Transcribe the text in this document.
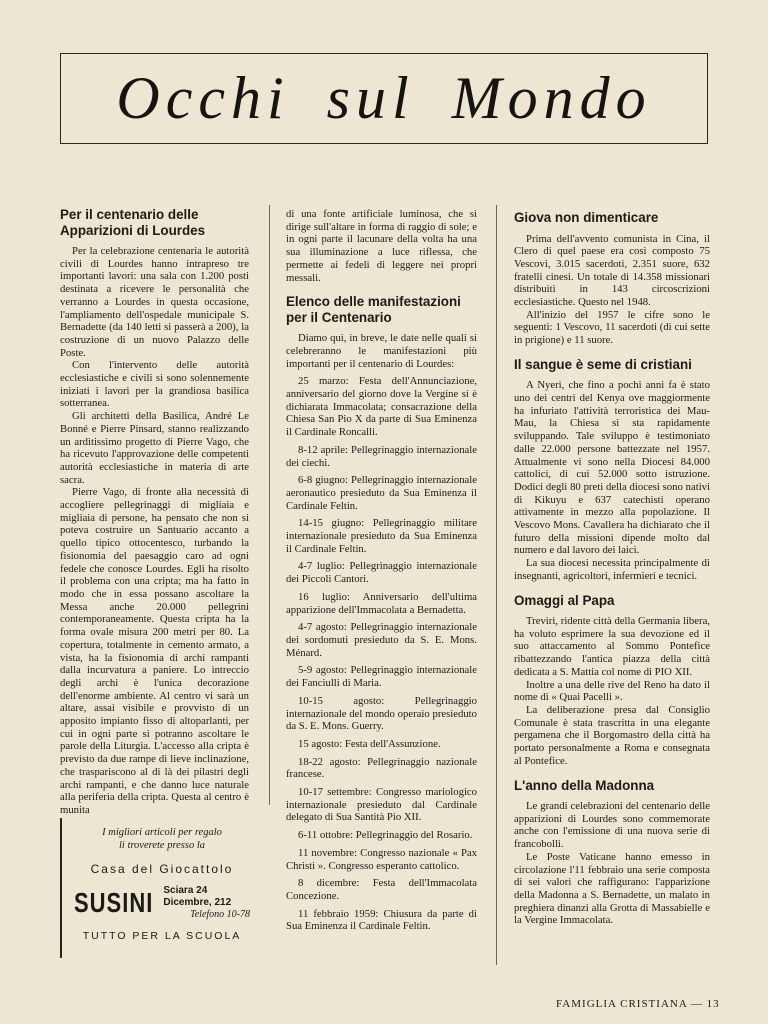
Occhi sul Mondo
Per il centenario delle Apparizioni di Lourdes

Per la celebrazione centenaria le autorità civili di Lourdes hanno intrapreso tre importanti lavori: una sala con 1.200 posti destinata a ricevere le personalità che verranno a Lourdes in questa occasione, l'ampliamento dell'ospedale municipale S. Bernadette (da 140 letti si passerà a 200), la costruzione di un nuovo Palazzo delle Poste.

Con l'intervento delle autorità ecclesiastiche e civili si sono solennemente iniziati i lavori per la grandiosa basilica sotterranea.

Gli architetti della Basilica, André Le Bonné e Pierre Pinsard, stanno realizzando un arditissimo progetto di Pierre Vago, che ha ricevuto l'approvazione delle competenti autorità ecclesiastiche in materia di arte sacra.

Pierre Vago, di fronte alla necessità di accogliere pellegrinaggi di migliaia e migliaia di persone, ha pensato che non si poteva costruire un Santuario accanto a quello tipico ottocentesco, turbando la fisionomia del paesaggio caro ad ogni fedele che conosce Lourdes. Egli ha risolto il problema con una cripta; ma ha fatto in modo che in essa possano ascoltare la Messa anche 20.000 pellegrini contemporaneamente. Questa cripta ha la forma ovale misura 200 metri per 80. La copertura, totalmente in cemento armato, a vista, ha la fisionomia di archi rampanti dalla incurvatura a paniere. Lo intreccio degli archi è l'unica decorazione dell'enorme ambiente. Al centro vi sarà un altare, assai visibile e provvisto di un apposito impianto fisso di altoparlanti, per cui in ogni parte si potranno ascoltare le parole della Liturgia. L'accesso alla cripta è previsto da due rampe di lieve inclinazione, che traspariscono al di là dei pilastri degli archi rampanti, e che danno luce naturale alla periferia della cripta. Questa al centro è munita

I migliori articoli per regalo
li troverete presso la
Casa del Giocattolo
SUSINI Sciara 24 Dicembre, 212
Telefono 10-78
TUTTO PER LA SCUOLA

di una fonte artificiale luminosa, che si dirige sull'altare in forma di raggio di sole; e in ogni parte il lacunare della volta ha una sua illuminazione a luce riflessa, che permette ai fedeli di leggere nei propri messali.

Elenco delle manifestazioni per il Centenario

Diamo qui, in breve, le date nelle quali si celebreranno le manifestazioni più importanti per il centenario di Lourdes:

25 marzo: Festa dell'Annunciazione, anniversario del giorno dove la Vergine si è dichiarata Immacolata; consacrazione della Chiesa San Pio X da parte di Sua Eminenza il Cardinale Roncalli.

8-12 aprile: Pellegrinaggio internazionale dei ciechi.

6-8 giugno: Pellegrinaggio internazionale aeronautico presieduto da Sua Eminenza il Cardinale Feltin.

14-15 giugno: Pellegrinaggio militare internazionale presieduto da Sua Eminenza il Cardinale Feltin.

4-7 luglio: Pellegrinaggio internazionale dei Piccoli Cantori.

16 luglio: Anniversario dell'ultima apparizione dell'Immacolata a Bernadetta.

4-7 agosto: Pellegrinaggio internazionale dei sordomuti presieduto da S. E. Mons. Ménard.

5-9 agosto: Pellegrinaggio internazionale dei Fanciulli di Maria.

10-15 agosto: Pellegrinaggio internazionale del mondo operaio presieduto da S. E. Mons. Guerry.

15 agosto: Festa dell'Assunzione.

18-22 agosto: Pellegrinaggio nazionale francese.

10-17 settembre: Congresso mariologico internazionale presieduto dal Cardinale delegato di Sua Santità Pio XII.

6-11 ottobre: Pellegrinaggio del Rosario.

11 novembre: Congresso nazionale « Pax Christi ». Congresso esperanto cattolico.

8 dicembre: Festa dell'Immacolata Concezione.

11 febbraio 1959: Chiusura da parte di Sua Eminenza il Cardinale Feltin.

Giova non dimenticare

Prima dell'avvento comunista in Cina, il Clero di quel paese era così composto 75 Vescovi, 3.015 sacerdoti, 2.351 suore, 632 fratelli cinesi. Un totale di 14.358 missionari distribuiti in 143 circoscrizioni ecclesiastiche. Questo nel 1948.

All'inizio del 1957 le cifre sono le seguenti: 1 Vescovo, 11 sacerdoti (di cui sette in prigione) e 11 suore.

Il sangue è seme di cristiani

A Nyeri, che fino a pochi anni fa è stato uno dei centri del Kenya ove maggiormente ha infuriato l'attività terroristica dei Mau-Mau, la Chiesa si sta rapidamente sviluppando. Tale sviluppo è testimoniato dalle 22.000 persone battezzate nel 1957. Attualmente vi sono nella Diocesi 84.000 cattolici, di cui 52.000 sotto istruzione. Dodici degli 80 preti della diocesi sono nativi di Kikuyu e 637 catechisti operano attivamente in mezzo alla popolazione. Il Vescovo Mons. Cavallera ha dichiarato che il futuro della missioni dipende molto dal numero e dal lavoro dei laici.

La sua diocesi necessita principalmente di insegnanti, agricoltori, infermieri e tecnici.

Omaggi al Papa

Treviri, ridente città della Germania libera, ha voluto esprimere la sua devozione ed il suo attaccamento al Sommo Pontefice ribattezzando l'antica piazza della città dedicata a S. Mattia col nome di PIO XII.

Inoltre a una delle rive del Reno ha dato il nome di « Quai Pacelli ».

La deliberazione presa dal Consiglio Comunale è stata trascritta in una elegante pergamena che il Borgomastro della città ha portato personalmente a Roma e consegnata al Pontefice.

L'anno della Madonna

Le grandi celebrazioni del centenario delle apparizioni di Lourdes sono commemorate anche con l'emissione di una nuova serie di francobolli.

Le Poste Vaticane hanno emesso in circolazione l'11 febbraio una serie composta di sei valori che raffigurano: l'apparizione della Madonna a S. Bernadette, un malato in preghiera dinanzi alla Grotta di Massabielle e la Vergine Immacolata.

FAMIGLIA CRISTIANA — 13
